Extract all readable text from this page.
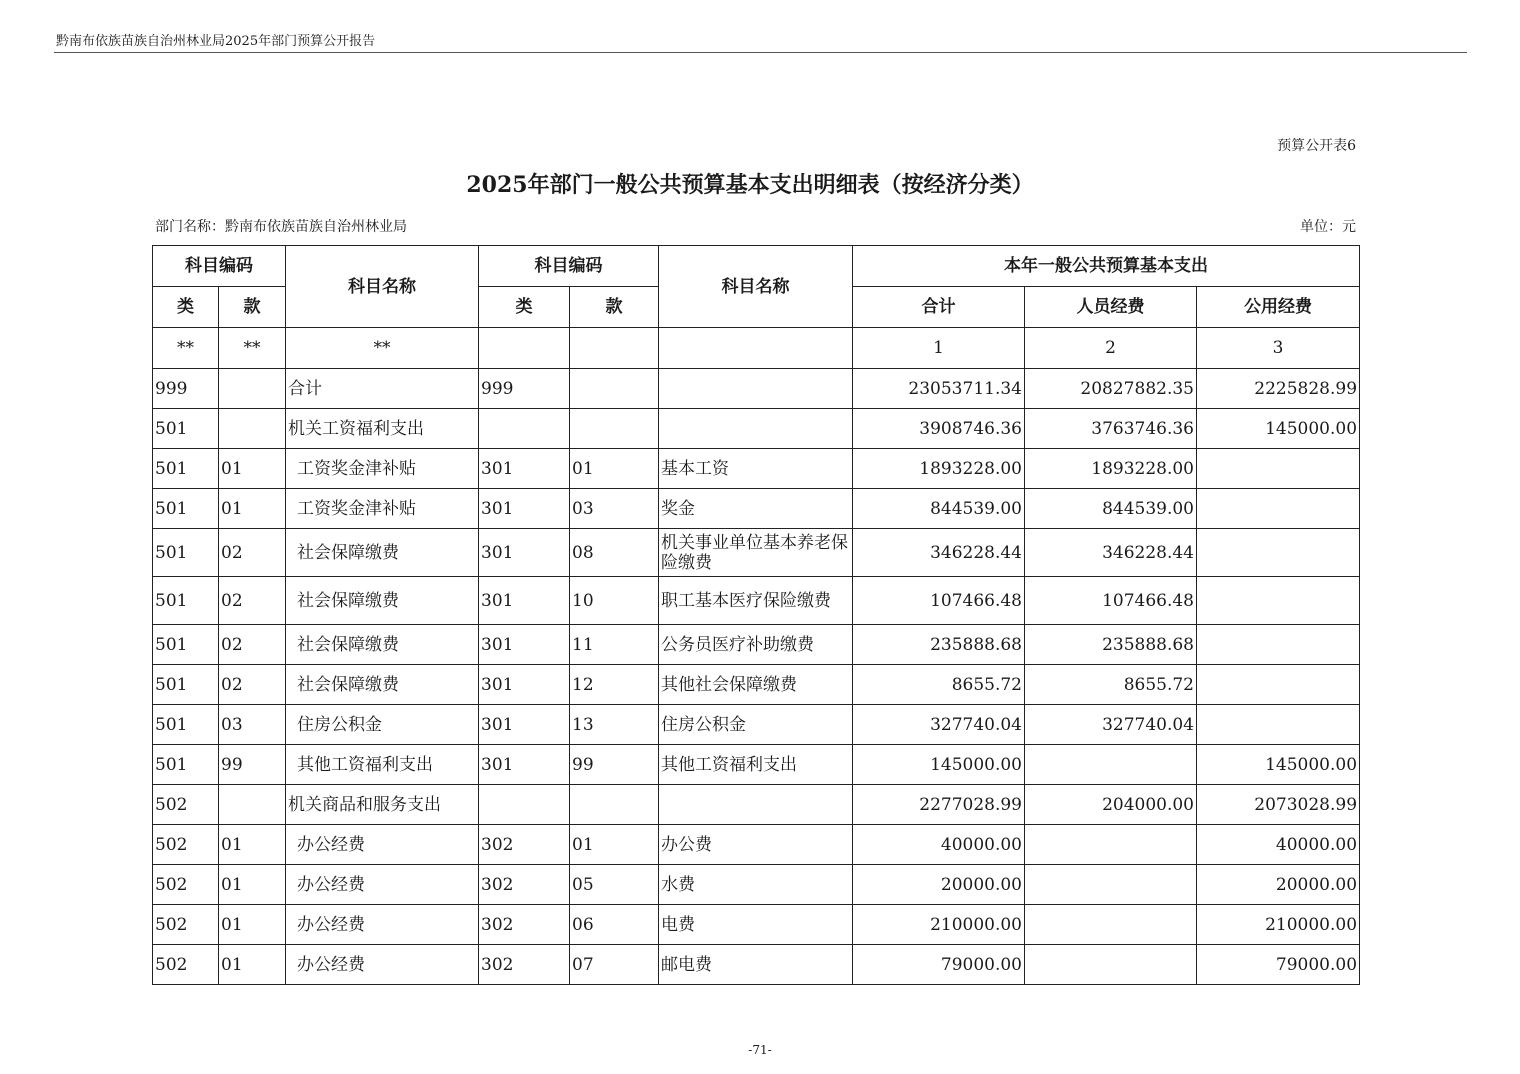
黔南布依族苗族自治州林业局2025年部门预算公开报告
预算公开表6
2025年部门一般公共预算基本支出明细表（按经济分类）
部门名称：黔南布依族苗族自治州林业局	单位：元
科目编码		科目名称	科目编码		科目名称	本年一般公共预算基本支出		
类	款		类	款		合计	人员经费	公用经费
**	**	**				1	2	3
999		合计	999			23053711.34	20827882.35	2225828.99
501		机关工资福利支出				3908746.36	3763746.36	145000.00
501	01	工资奖金津补贴	301	01	基本工资	1893228.00	1893228.00	
501	01	工资奖金津补贴	301	03	奖金	844539.00	844539.00	
501	02	社会保障缴费	301	08	机关事业单位基本养老保险缴费	346228.44	346228.44	
501	02	社会保障缴费	301	10	职工基本医疗保险缴费	107466.48	107466.48	
501	02	社会保障缴费	301	11	公务员医疗补助缴费	235888.68	235888.68	
501	02	社会保障缴费	301	12	其他社会保障缴费	8655.72	8655.72	
501	03	住房公积金	301	13	住房公积金	327740.04	327740.04	
501	99	其他工资福利支出	301	99	其他工资福利支出	145000.00		145000.00
502		机关商品和服务支出				2277028.99	204000.00	2073028.99
502	01	办公经费	302	01	办公费	40000.00		40000.00
502	01	办公经费	302	05	水费	20000.00		20000.00
502	01	办公经费	302	06	电费	210000.00		210000.00
502	01	办公经费	302	07	邮电费	79000.00		79000.00
-71-
